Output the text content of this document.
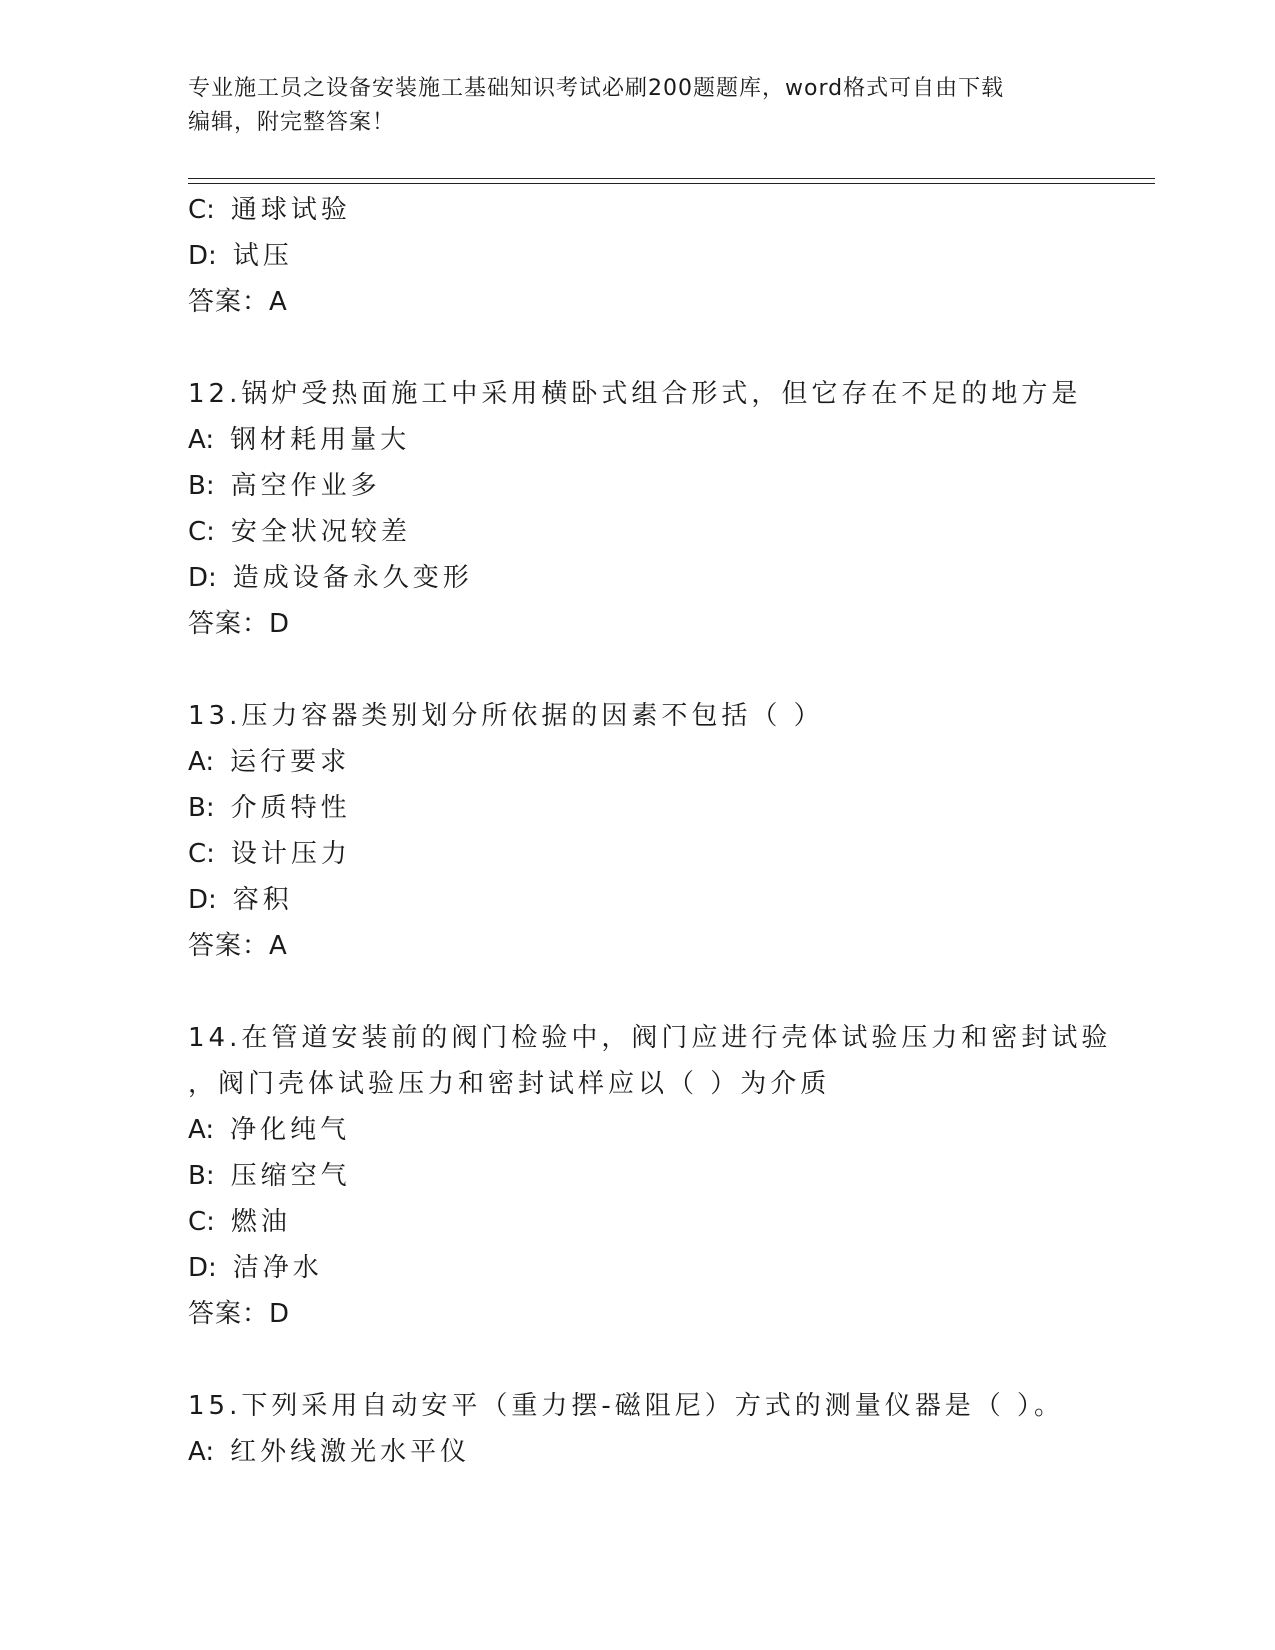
专业施工员之设备安装施工基础知识考试必刷200题题库，word格式可自由下载
编辑，附完整答案！
C: 通球试验
D: 试压
答案：A
12.锅炉受热面施工中采用横卧式组合形式，但它存在不足的地方是
A: 钢材耗用量大
B: 高空作业多
C: 安全状况较差
D: 造成设备永久变形
答案：D
13.压力容器类别划分所依据的因素不包括（ ）
A: 运行要求
B: 介质特性
C: 设计压力
D: 容积
答案：A
14.在管道安装前的阀门检验中，阀门应进行壳体试验压力和密封试验
，阀门壳体试验压力和密封试样应以（ ）为介质
A: 净化纯气
B: 压缩空气
C: 燃油
D: 洁净水
答案：D
15.下列采用自动安平（重力摆-磁阻尼）方式的测量仪器是（ ）。
A: 红外线激光水平仪
